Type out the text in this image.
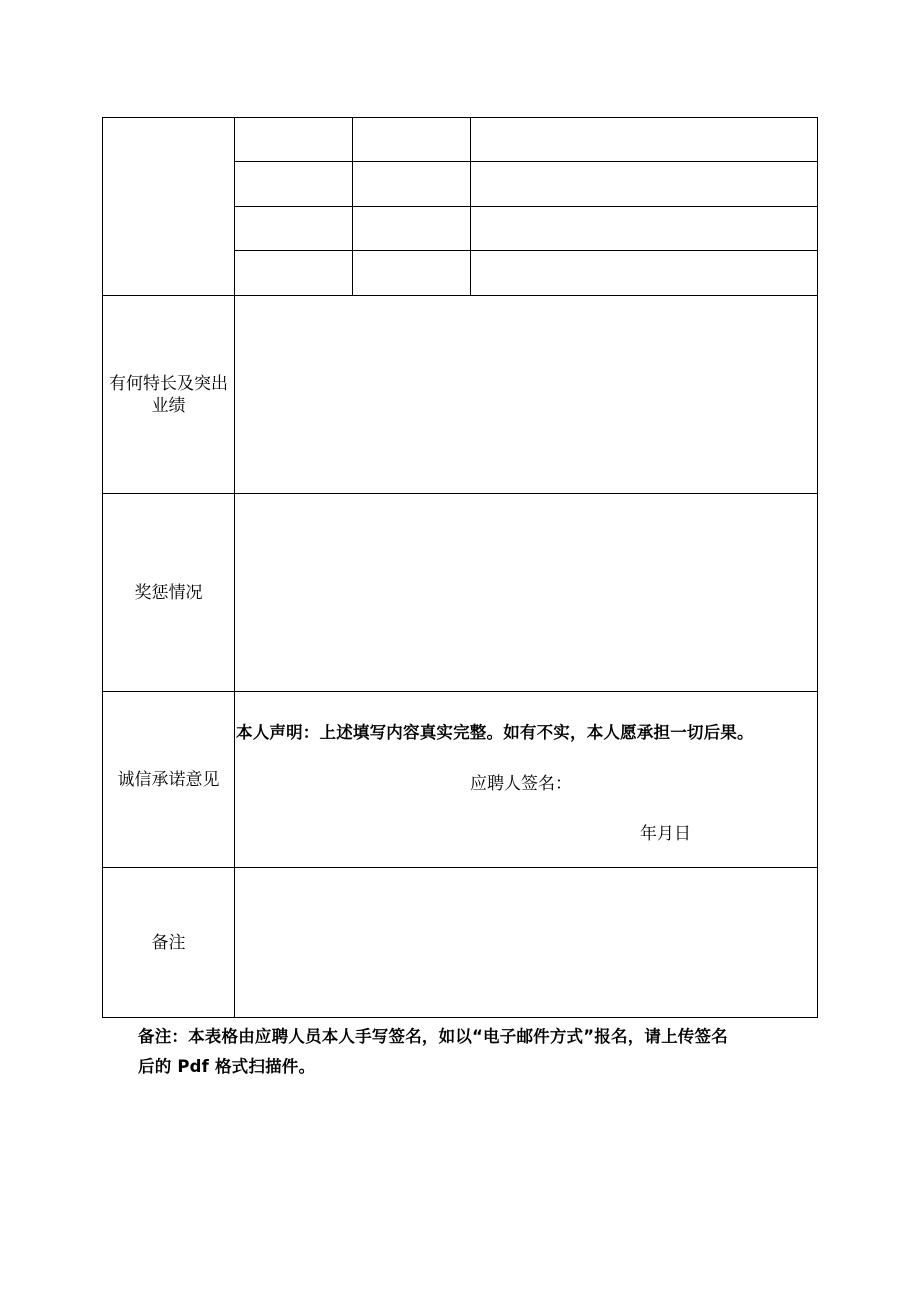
有何特长及突出业绩
奖惩情况
诚信承诺意见
本人声明：上述填写内容真实完整。如有不实，本人愿承担一切后果。
应聘人签名：
年月日
备注
备注：本表格由应聘人员本人手写签名，如以“电子邮件方式”报名，请上传签名
后的 Pdf 格式扫描件。
